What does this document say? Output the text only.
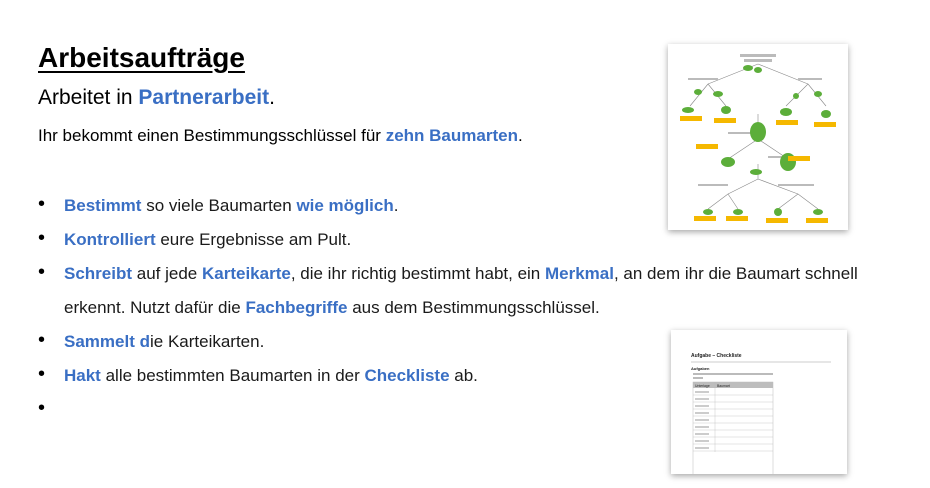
Arbeitsaufträge
Arbeitet in Partnerarbeit.
Ihr bekommt einen Bestimmungsschlüssel für zehn Baumarten.
• Bestimmt so viele Baumarten wie möglich.
• Kontrolliert eure Ergebnisse am Pult.
• Schreibt auf jede Karteikarte, die ihr richtig bestimmt habt, ein Merkmal, an dem ihr die Baumart schnell erkennt. Nutzt dafür die Fachbegriffe aus dem Bestimmungsschlüssel.
• Sammelt die Karteikarten.
• Hakt alle bestimmten Baumarten in der Checkliste ab.
•
Aufgabe – Checkliste
Aufgaben
Unterlage Baumart
